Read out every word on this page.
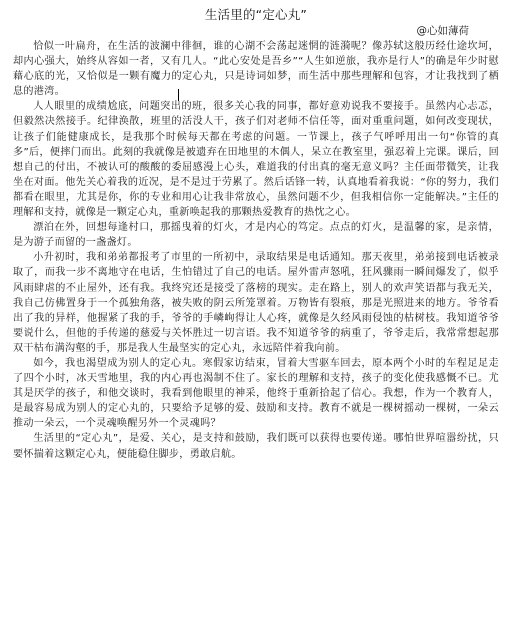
生活里的“定心丸”
@心如薄荷

恰似一叶扁舟，在生活的波澜中徘徊，谁的心湖不会荡起迷惘的涟漪呢？像苏轼这般历经仕途坎坷，却内心强大，始终从容如一者，又有几人。“此心安处是吾乡”“人生如逆旅，我亦是行人”的确是年少时慰藉心底的光，又恰似是一颗有魔力的定心丸，只是诗词如梦，而生活中那些理解和包容，才让我找到了栖息的港湾。

人人眼里的成绩尬底，问题突出的班，很多关心我的同事，都好意劝说我不要接手。虽然内心忐忑，但毅然决然接手。纪律涣散，班里的活没人干，孩子们对老师不信任等，面对重重问题，如何改变现状，让孩子们能健康成长，是我那个时候每天都在考虑的问题。一节课上，孩子气呼呼用出一句“你管的真多”后，便摔门而出。此刻的我就像是被遗弃在田地里的木偶人，呆立在教室里，强忍着上完课。课后，回想自己的付出，不被认可的酸酸的委屈感漫上心头，难道我的付出真的毫无意义吗？主任面带微笑，让我坐在对面。他先关心着我的近况，是不是过于劳累了。然后话锋一转，认真地看着我说：“你的努力，我们都看在眼里，尤其是你，你的专业和用心让我非常放心，虽然问题不少，但我相信你一定能解决。”主任的理解和支持，就像是一颗定心丸，重新唤起我的那颗热爱教育的热忱之心。

漂泊在外，回想每逢村口，那摇曳着的灯火，才是内心的笃定。点点的灯火，是温馨的家，是亲情，是为游子而留的一盏盏灯。

小升初时，我和弟弟都报考了市里的一所初中，录取结果是电话通知。那天夜里，弟弟接到电话被录取了，而我一步不离地守在电话，生怕错过了自己的电话。屋外雷声怒吼，狂风骤雨一瞬间爆发了，似乎风雨肆虐的不止屋外，还有我。我终究还是接受了落榜的现实。走在路上，别人的欢声笑语都与我无关，我自己仿佛置身于一个孤独角落，被失败的阴云所笼罩着。万物皆有裂痕，那是光照进来的地方。爷爷看出了我的异样，他握紧了我的手，爷爷的手嶙峋得让人心疼，就像是久经风雨侵蚀的枯树枝。我知道爷爷要说什么，但他的手传递的慈爱与关怀胜过一切言语。我不知道爷爷的病重了，爷爷走后，我常常想起那双干枯布满沟壑的手，那是我人生最坚实的定心丸，永远陪伴着我向前。

如今，我也渴望成为别人的定心丸。寒假家访结束，冒着大雪驱车回去，原本两个小时的车程足足走了四个小时，冰天雪地里，我的内心再也渴制不住了。家长的理解和支持，孩子的变化使我感慨不已。尤其是厌学的孩子，和他交谈时，我看到他眼里的神采，他终于重新拾起了信心。我想，作为一个教育人，是最容易成为别人的定心丸的，只要给予足够的爱、鼓励和支持。教育不就是一棵树摇动一棵树，一朵云推动一朵云，一个灵魂唤醒另外一个灵魂吗？

生活里的“定心丸”，是爱、关心，是支持和鼓励，我们既可以获得也要传递。哪怕世界喧嚣纷扰，只要怀揣着这颗定心丸，便能稳住脚步，勇敢启航。
